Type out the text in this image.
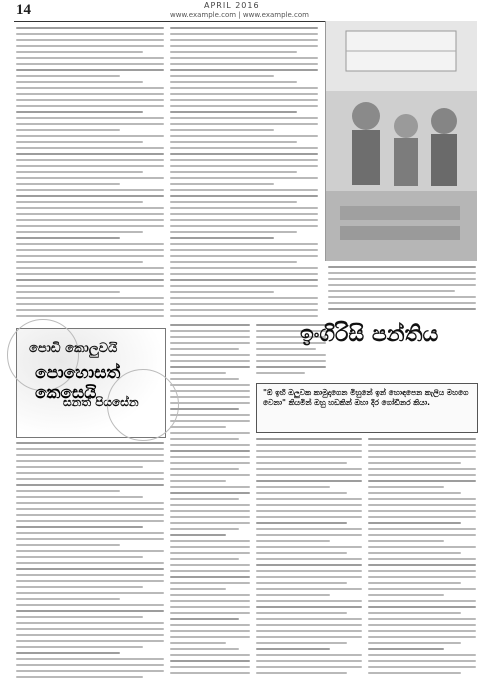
14	APRIL 2016
www.example.com | www.example.com
පොඩි කොලුවයි
පොහොසත් කෙසෙයි
සනත් පියසේන
ඉංගිරිසි පන්තිය
"ඕ ඉහි ඔලුවක කාමුදාගෙන මිහුනේ ඉන් හොඳපෙන කැලිය මහගෙ වෙනා" කියමින් ඔහු හඩකින් ඔහා දිර ගෝඩිනර කියා.
